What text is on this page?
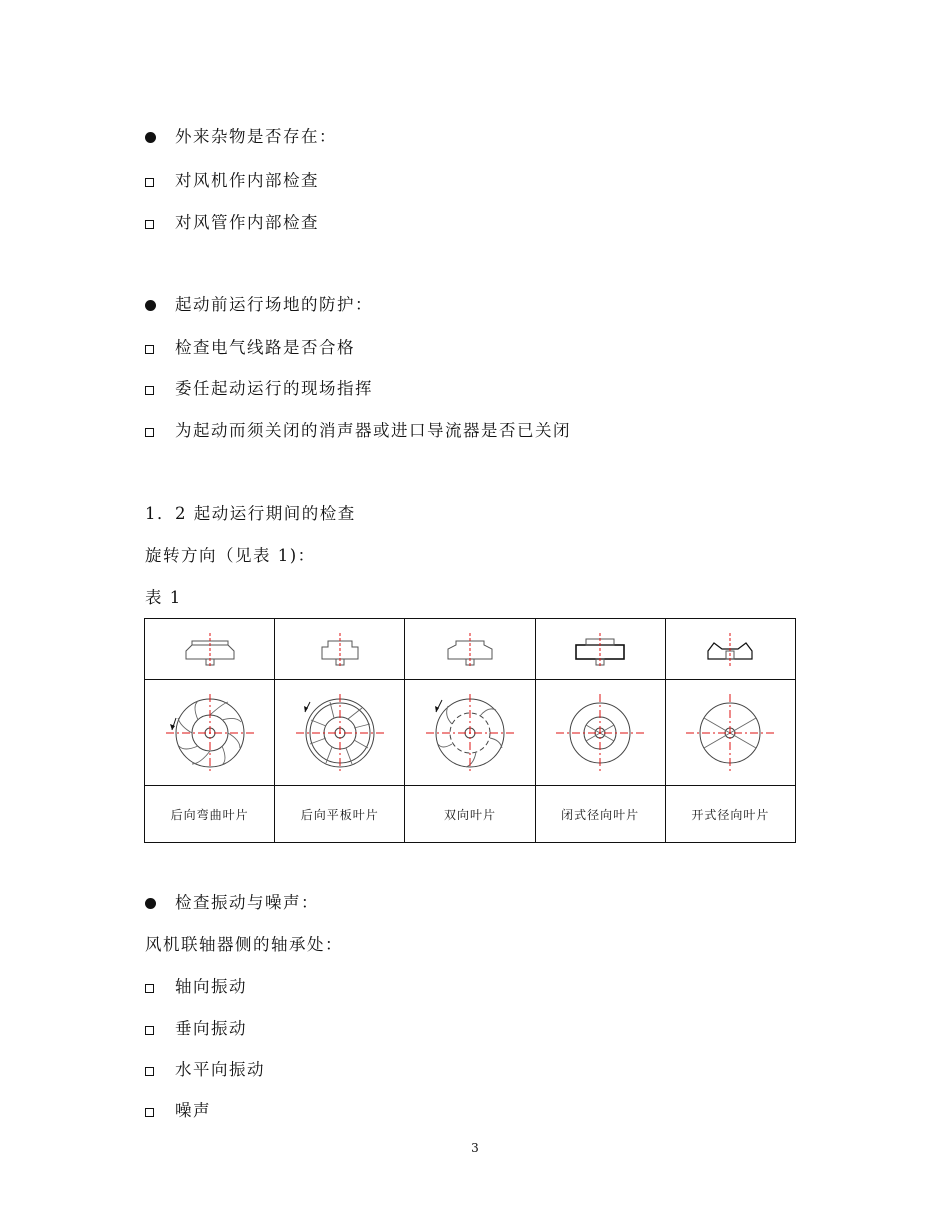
外来杂物是否存在：
对风机作内部检查
对风管作内部检查
起动前运行场地的防护：
检查电气线路是否合格
委任起动运行的现场指挥
为起动而须关闭的消声器或进口导流器是否已关闭
1．2 起动运行期间的检查
旋转方向（见表 1)：
表 1

后向弯曲叶片	后向平板叶片	双向叶片	闭式径向叶片	开式径向叶片
检查振动与噪声：
风机联轴器侧的轴承处：
轴向振动
垂向振动
水平向振动
噪声
3
